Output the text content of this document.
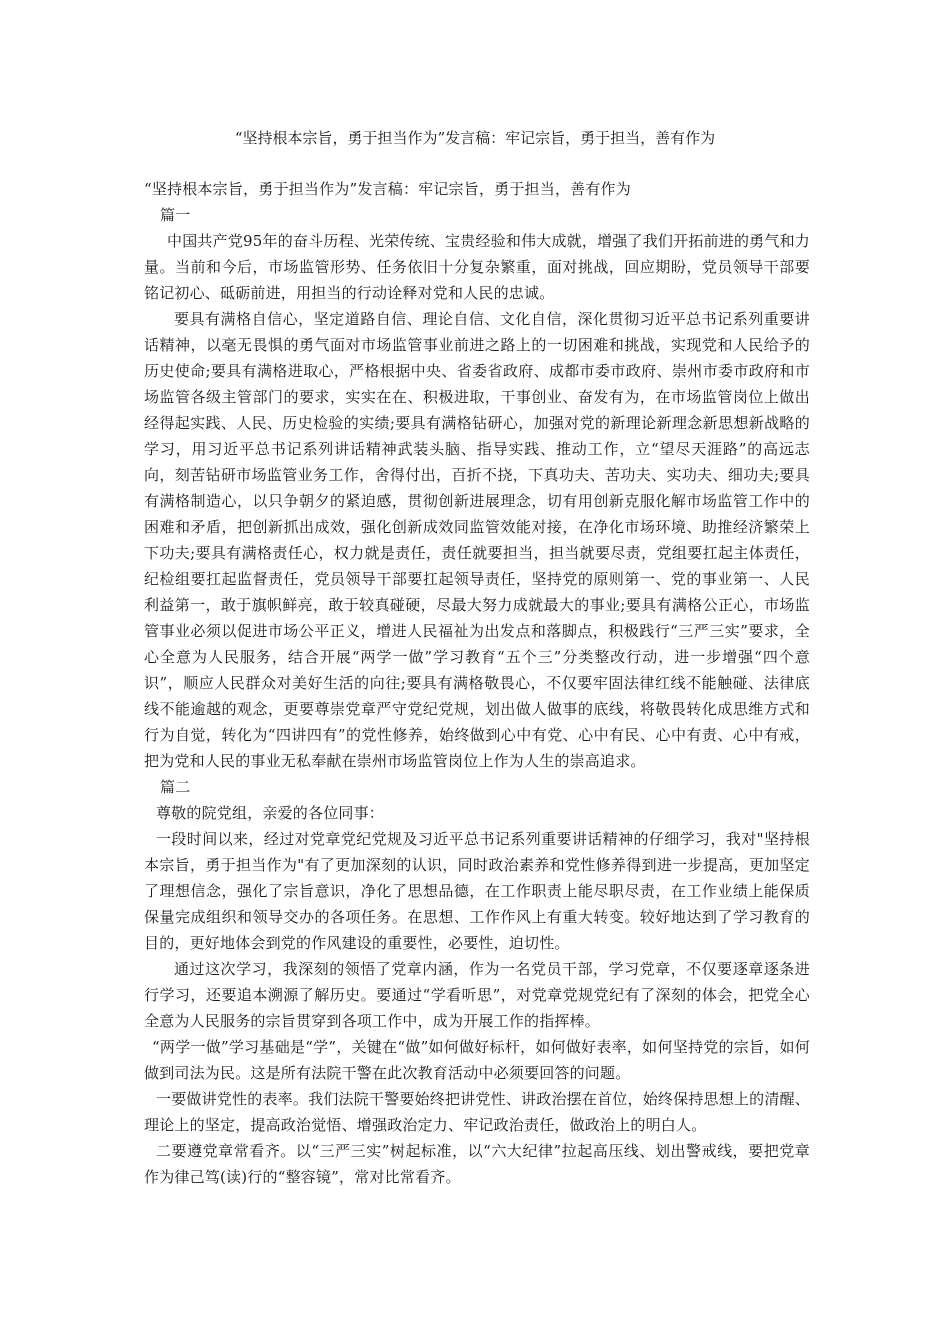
“坚持根本宗旨，勇于担当作为”发言稿：牢记宗旨，勇于担当，善有作为

“坚持根本宗旨，勇于担当作为”发言稿：牢记宗旨，勇于担当，善有作为

篇一

中国共产党95年的奋斗历程、光荣传统、宝贵经验和伟大成就，增强了我们开拓前进的勇气和力量。当前和今后，市场监管形势、任务依旧十分复杂繁重，面对挑战，回应期盼，党员领导干部要铭记初心、砥砺前进，用担当的行动诠释对党和人民的忠诚。

要具有满格自信心，坚定道路自信、理论自信、文化自信，深化贯彻习近平总书记系列重要讲话精神，以毫无畏惧的勇气面对市场监管事业前进之路上的一切困难和挑战，实现党和人民给予的历史使命;要具有满格进取心，严格根据中央、省委省政府、成都市委市政府、崇州市委市政府和市场监管各级主管部门的要求，实实在在、积极进取，干事创业、奋发有为，在市场监管岗位上做出经得起实践、人民、历史检验的实绩;要具有满格钻研心，加强对党的新理论新理念新思想新战略的学习，用习近平总书记系列讲话精神武装头脑、指导实践、推动工作，立“望尽天涯路”的高远志向，刻苦钻研市场监管业务工作，舍得付出，百折不挠，下真功夫、苦功夫、实功夫、细功夫;要具有满格制造心，以只争朝夕的紧迫感，贯彻创新进展理念，切有用创新克服化解市场监管工作中的困难和矛盾，把创新抓出成效，强化创新成效同监管效能对接，在净化市场环境、助推经济繁荣上下功夫;要具有满格责任心，权力就是责任，责任就要担当，担当就要尽责，党组要扛起主体责任，纪检组要扛起监督责任，党员领导干部要扛起领导责任，坚持党的原则第一、党的事业第一、人民利益第一，敢于旗帜鲜亮，敢于较真碰硬，尽最大努力成就最大的事业;要具有满格公正心，市场监管事业必须以促进市场公平正义，增进人民福祉为出发点和落脚点，积极践行“三严三实”要求，全心全意为人民服务，结合开展“两学一做”学习教育“五个三”分类整改行动，进一步增强“四个意识”，顺应人民群众对美好生活的向往;要具有满格敬畏心，不仅要牢固法律红线不能触碰、法律底线不能逾越的观念，更要尊崇党章严守党纪党规，划出做人做事的底线，将敬畏转化成思维方式和行为自觉，转化为“四讲四有”的党性修养，始终做到心中有党、心中有民、心中有责、心中有戒，把为党和人民的事业无私奉献在崇州市场监管岗位上作为人生的崇高追求。

篇二

尊敬的院党组，亲爱的各位同事：

一段时间以来，经过对党章党纪党规及习近平总书记系列重要讲话精神的仔细学习，我对"坚持根本宗旨，勇于担当作为"有了更加深刻的认识，同时政治素养和党性修养得到进一步提高，更加坚定了理想信念，强化了宗旨意识，净化了思想品德，在工作职责上能尽职尽责，在工作业绩上能保质保量完成组织和领导交办的各项任务。在思想、工作作风上有重大转变。较好地达到了学习教育的目的，更好地体会到党的作风建设的重要性，必要性，迫切性。

通过这次学习，我深刻的领悟了党章内涵，作为一名党员干部，学习党章，不仅要逐章逐条进行学习，还要追本溯源了解历史。要通过“学看听思”，对党章党规党纪有了深刻的体会，把党全心全意为人民服务的宗旨贯穿到各项工作中，成为开展工作的指挥棒。

“两学一做”学习基础是“学”，关键在“做”如何做好标杆，如何做好表率，如何坚持党的宗旨，如何做到司法为民。这是所有法院干警在此次教育活动中必须要回答的问题。

一要做讲党性的表率。我们法院干警要始终把讲党性、讲政治摆在首位，始终保持思想上的清醒、理论上的坚定，提高政治觉悟、增强政治定力、牢记政治责任，做政治上的明白人。

二要遵党章常看齐。以“三严三实”树起标准，以“六大纪律”拉起高压线、划出警戒线，要把党章作为律己笃(读)行的“整容镜”，常对比常看齐。
